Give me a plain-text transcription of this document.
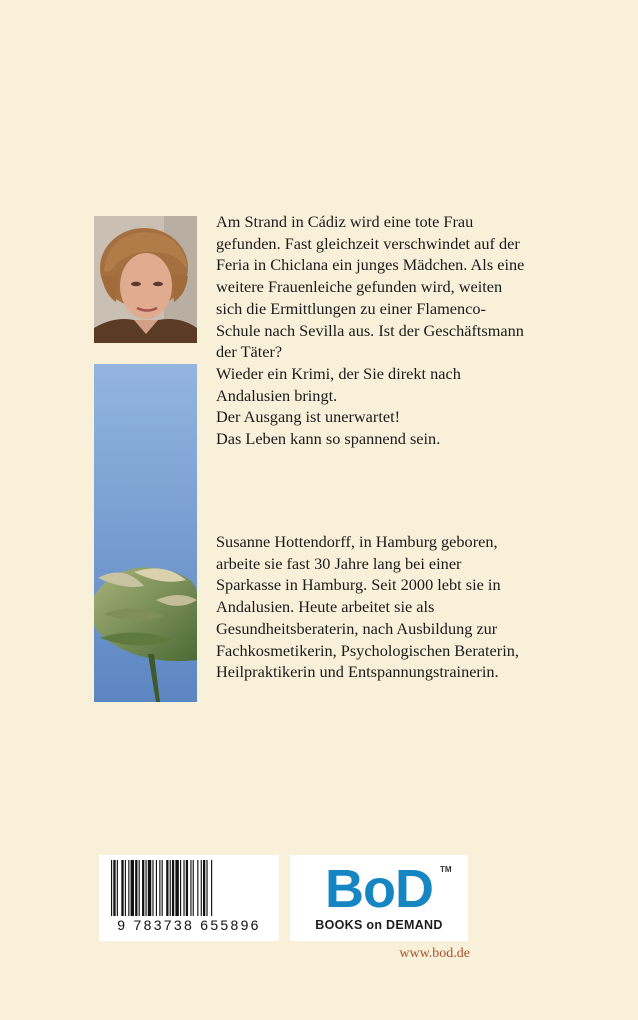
Am Strand in Cádiz wird eine tote Frau

gefunden. Fast gleichzeit verschwindet auf der

Feria in Chiclana ein junges Mädchen. Als eine

weitere Frauenleiche gefunden wird, weiten

sich die Ermittlungen zu einer Flamenco-

Schule nach Sevilla aus. Ist der Geschäftsmann

der Täter?

Wieder ein Krimi, der Sie direkt nach

Andalusien bringt.

Der Ausgang ist unerwartet!

Das Leben kann so spannend sein.

Susanne Hottendorff, in Hamburg geboren,

arbeite sie fast 30 Jahre lang bei einer

Sparkasse in Hamburg. Seit 2000 lebt sie in

Andalusien. Heute arbeitet sie als

Gesundheitsberaterin, nach Ausbildung zur

Fachkosmetikerin, Psychologischen Beraterin,

Heilpraktikerin und Entspannungstrainerin.

9 783738 655896
BoD TM
BOOKS on DEMAND
www.bod.de
